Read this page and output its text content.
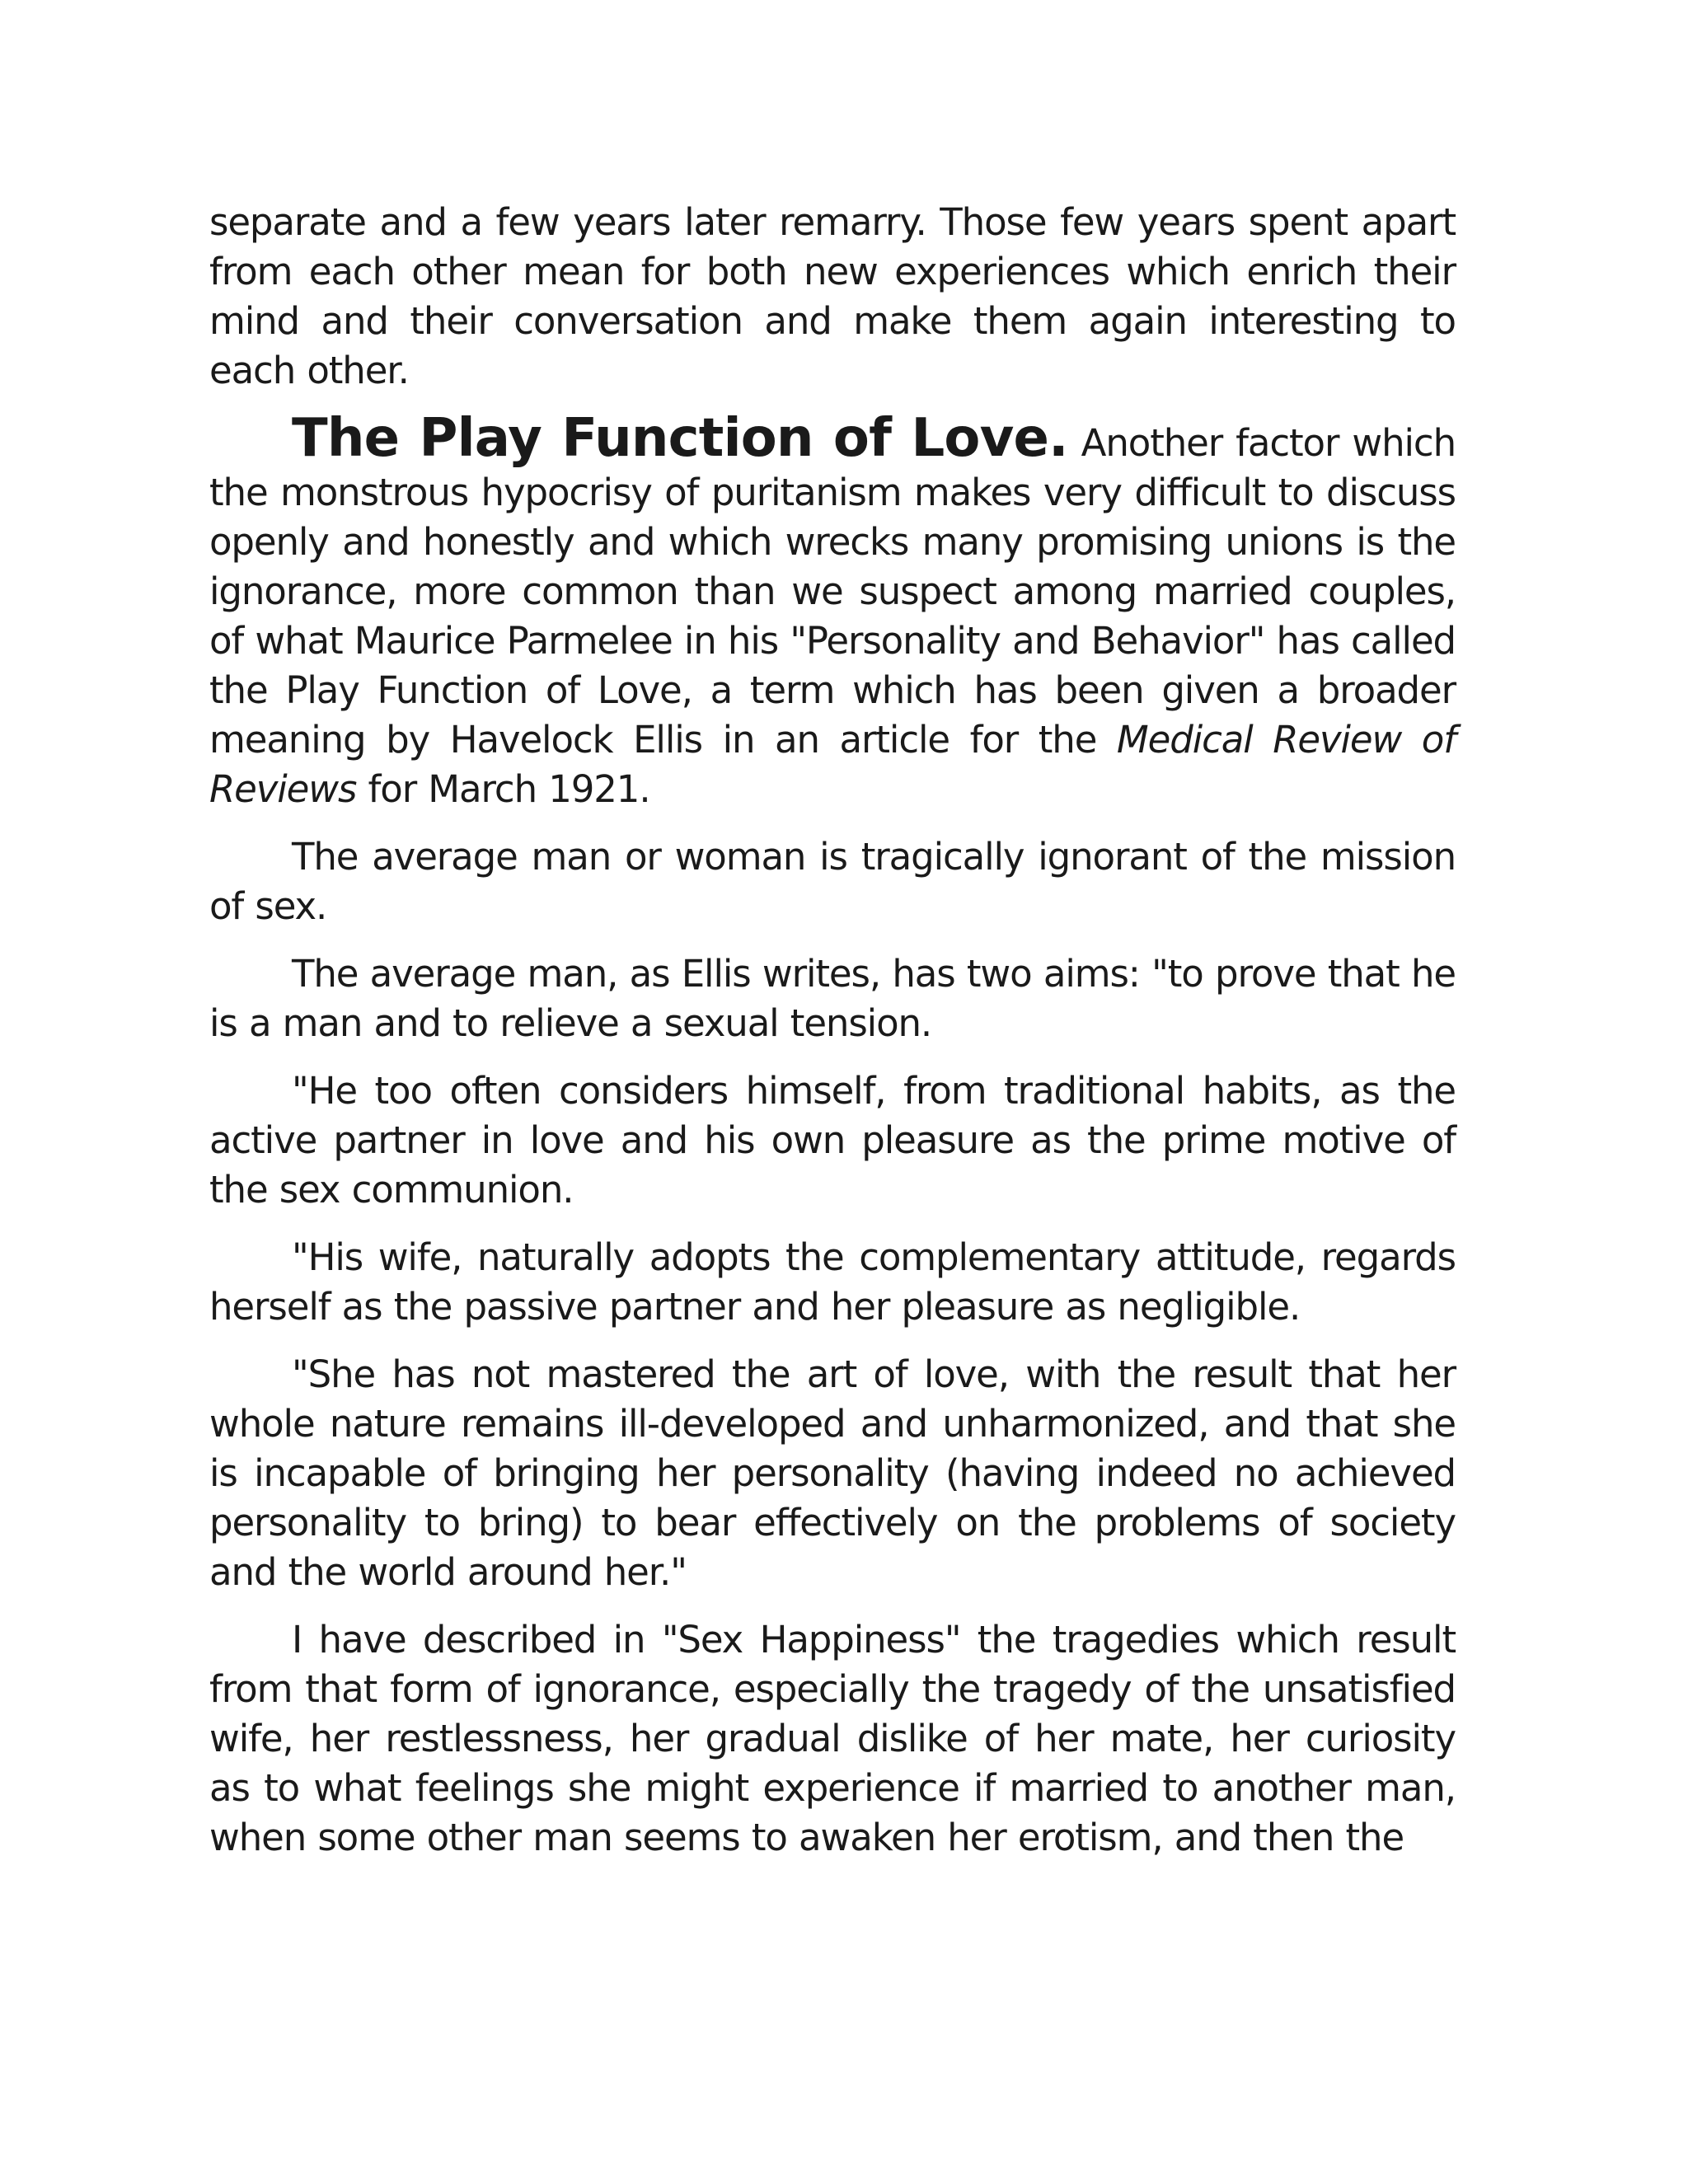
separate and a few years later remarry. Those few years spent apart from each other mean for both new experiences which enrich their mind and their conversation and make them again interesting to each other.

The Play Function of Love. Another factor which the monstrous hypocrisy of puritanism makes very difficult to discuss openly and honestly and which wrecks many promising unions is the ignorance, more common than we suspect among married couples, of what Maurice Parmelee in his "Personality and Behavior" has called the Play Function of Love, a term which has been given a broader meaning by Havelock Ellis in an article for the Medical Review of Reviews for March 1921.

The average man or woman is tragically ignorant of the mission of sex.

The average man, as Ellis writes, has two aims: "to prove that he is a man and to relieve a sexual tension.

"He too often considers himself, from traditional habits, as the active partner in love and his own pleasure as the prime motive of the sex communion.

"His wife, naturally adopts the complementary attitude, regards herself as the passive partner and her pleasure as negligible.

"She has not mastered the art of love, with the result that her whole nature remains ill-developed and unharmonized, and that she is incapable of bringing her personality (having indeed no achieved personality to bring) to bear effectively on the problems of society and the world around her."

I have described in "Sex Happiness" the tragedies which result from that form of ignorance, especially the tragedy of the unsatisfied wife, her restlessness, her gradual dislike of her mate, her curiosity as to what feelings she might experience if married to another man, when some other man seems to awaken her erotism, and then the
